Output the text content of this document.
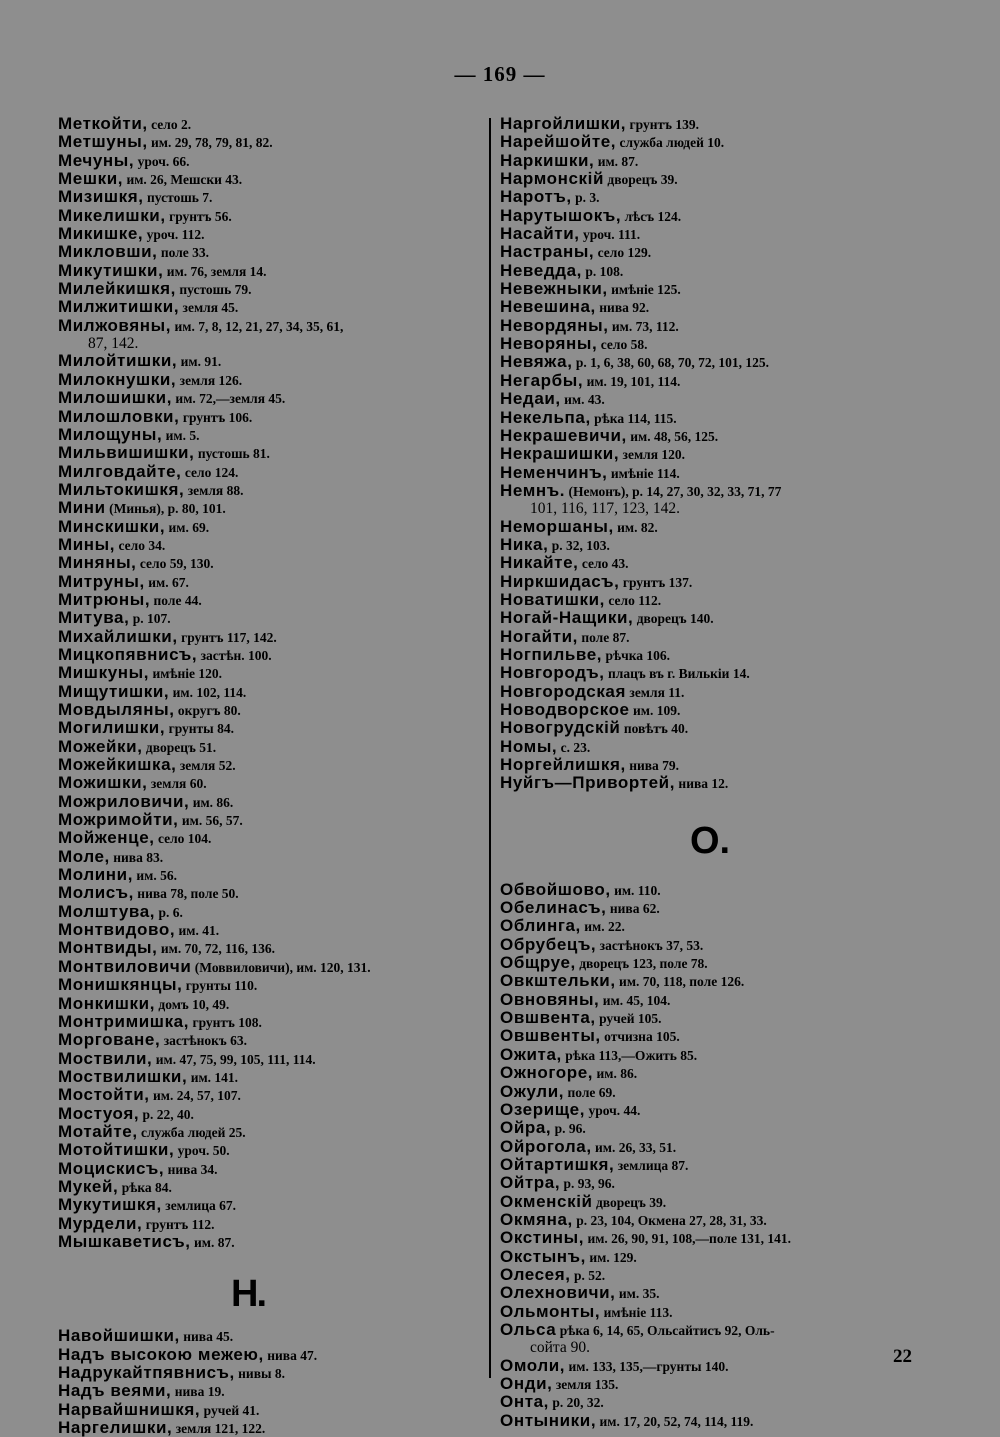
— 169 —
Меткойти, село 2.
Метшуны, им. 29, 78, 79, 81, 82.
Мечуны, уроч. 66.
Мешки, им. 26, Мешски 43.
Мизишкя, пустошь 7.
Микелишки, грунтъ 56.
Микишке, уроч. 112.
Микловши, поле 33.
Микутишки, им. 76, земля 14.
Милейкишкя, пустошь 79.
Милжитишки, земля 45.
Милжовяны, им. 7, 8, 12, 21, 27, 34, 35, 61,
87, 142.
Милойтишки, им. 91.
Милокнушки, земля 126.
Милошишки, им. 72,—земля 45.
Милошловки, грунтъ 106.
Милощуны, им. 5.
Мильвишишки, пустошь 81.
Милговдайте, село 124.
Мильтокишкя, земля 88.
Мини (Минья), р. 80, 101.
Минскишки, им. 69.
Мины, село 34.
Миняны, село 59, 130.
Митруны, им. 67.
Митрюны, поле 44.
Митува, р. 107.
Михайлишки, грунтъ 117, 142.
Мицкопявнисъ, застѣн. 100.
Мишкуны, имѣніе 120.
Мищутишки, им. 102, 114.
Мовдыляны, округъ 80.
Могилишки, грунты 84.
Можейки, дворецъ 51.
Можейкишка, земля 52.
Можишки, земля 60.
Можриловичи, им. 86.
Можримойти, им. 56, 57.
Мойженце, село 104.
Моле, нива 83.
Молини, им. 56.
Молисъ, нива 78, поле 50.
Молштува, р. 6.
Монтвидово, им. 41.
Монтвиды, им. 70, 72, 116, 136.
Монтвиловичи (Моввиловичи), им. 120, 131.
Монишкянцы, грунты 110.
Монкишки, домъ 10, 49.
Монтримишка, грунтъ 108.
Морговане, застѣнокъ 63.
Моствили, им. 47, 75, 99, 105, 111, 114.
Моствилишки, им. 141.
Мостойти, им. 24, 57, 107.
Мостуоя, р. 22, 40.
Мотайте, служба людей 25.
Мотойтишки, уроч. 50.
Моцискисъ, нива 34.
Мукей, рѣка 84.
Мукутишкя, землица 67.
Мурдели, грунтъ 112.
Мышкаветисъ, им. 87.
Н.
Навойшишки, нива 45.
Надъ высокою межею, нива 47.
Надрукайтпявнисъ, нивы 8.
Надъ веями, нива 19.
Нарвайшнишкя, ручей 41.
Наргелишки, земля 121, 122.
Наргойлишки, грунтъ 139.
Нарейшойте, служба людей 10.
Наркишки, им. 87.
Нармонскій дворецъ 39.
Наротъ, р. 3.
Нарутышокъ, лѣсъ 124.
Насайти, уроч. 111.
Настраны, село 129.
Неведда, р. 108.
Невежныки, имѣніе 125.
Невешина, нива 92.
Невордяны, им. 73, 112.
Неворяны, село 58.
Невяжа, р. 1, 6, 38, 60, 68, 70, 72, 101, 125.
Негарбы, им. 19, 101, 114.
Недаи, им. 43.
Некельпа, рѣка 114, 115.
Некрашевичи, им. 48, 56, 125.
Некрашишки, земля 120.
Неменчинъ, имѣніе 114.
Немнъ. (Немонъ), р. 14, 27, 30, 32, 33, 71, 77
101, 116, 117, 123, 142.
Неморшаны, им. 82.
Ника, р. 32, 103.
Никайте, село 43.
Ниркшидасъ, грунтъ 137.
Новатишки, село 112.
Ногай-Нащики, дворецъ 140.
Ногайти, поле 87.
Ногпильве, рѣчка 106.
Новгородъ, плацъ въ г. Вилькіи 14.
Новгородская земля 11.
Новодворское им. 109.
Новогрудскій повѣтъ 40.
Номы, с. 23.
Норгейлишкя, нива 79.
Нуйгъ—Привортей, нива 12.
О.
Обвойшово, им. 110.
Обелинасъ, нива 62.
Облинга, им. 22.
Обрубецъ, застѣнокъ 37, 53.
Общруе, дворецъ 123, поле 78.
Овкштельки, им. 70, 118, поле 126.
Овновяны, им. 45, 104.
Овшвента, ручей 105.
Овшвенты, отчизна 105.
Ожита, рѣка 113,—Ожить 85.
Ожногоре, им. 86.
Ожули, поле 69.
Озерище, уроч. 44.
Ойра, р. 96.
Ойрогола, им. 26, 33, 51.
Ойтартишкя, землица 87.
Ойтра, р. 93, 96.
Окменскій дворецъ 39.
Окмяна, р. 23, 104, Окмена 27, 28, 31, 33.
Окстины, им. 26, 90, 91, 108,—поле 131, 141.
Окстынъ, им. 129.
Олесея, р. 52.
Олехновичи, им. 35.
Ольмонты, имѣніе 113.
Ольса рѣка 6, 14, 65, Ольсайтисъ 92, Оль-
сойта 90.
Омоли, им. 133, 135,—грунты 140.
Онди, земля 135.
Онта, р. 20, 32.
Онтыники, им. 17, 20, 52, 74, 114, 119.
22
